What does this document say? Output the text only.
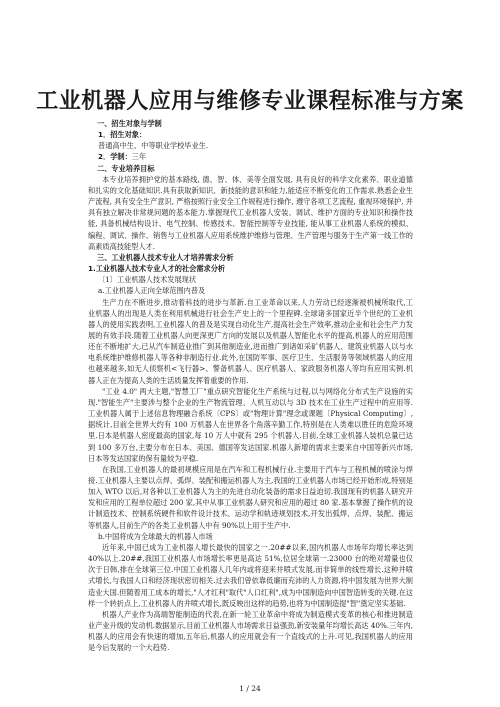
工业机器人应用与维修专业课程标准与方案

一、招生对象与学制

1．招生对象：

普通高中生、中等职业学校毕业生.

2．学制：三年

二、专业培养目标

本专业培养拥护党的基本路线, 德、智、体、美等全面发展, 具有良好的科学文化素养、职业道德和扎实的文化基础知识.具有获取新知识、新技能的意识和能力,能适应不断变化的工作需求.熟悉企业生产流程, 具有安全生产意识, 严格按照行业安全工作规程进行操作, 遵守各项工艺流程, 重视环境保护, 并具有独立解决非常规问题的基本能力.掌握现代工业机器人安装、调试、维护方面的专业知识和操作技能, 具备机械结构设计、电气控制、传感技术、智能控制等专业技能, 能从事工业机器人系统的模拟、编程、调试、操作、销售与工业机器人应用系统维护维修与管理、生产管理与服务于生产第一线工作的高素质高技能型人才.

三、工业机器人技术专业人才培养需求分析

1.工业机器人技术专业人才的社会需求分析

〔1〕工业机器人技术发展现状

a.工业机器人正向全球范围内普及

生产力在不断进步,推动着科技的进步与革新.自工业革命以来,人力劳动已经逐渐被机械所取代,工业机器人的出现是人类在利用机械进行社会生产史上的一个里程碑.全球诸多国家近半个世纪的工业机器人的使用实践表明,工业机器人的普及是实现自动化生产,提高社会生产效率,推动企业和社会生产力发展的有效手段.随着工业机器人向更深更广方向的发展以及机器人智能化水平的提高,机器人的应用范围还在不断地扩大,已从汽车制造业推广到其他制造业,进而推广到诸如采矿机器人、建筑业机器人以与水电系统维护维修机器人等各种非制造行业.此外,在国防军事、医疗卫生、生活服务等领域机器人的应用也越来越多,如无人侦察机<飞行器>、警备机器人、医疗机器人、家政服务机器人等均有应用实例.机器人正在为提高人类的生活质量发挥着重要的作用.

"工业 4.0" 两大主题,"智慧工厂"重点研究智能化生产系统与过程,以与网络化分布式生产设施的实现."智能生产"主要涉与整个企业的生产物流管理、人机互动以与 3D 技术在工业生产过程中的应用等.工业机器人属于上述信息物理融合系统〔CPS〕或"物理计算"理念或课题〔Physical Computing〕,据统计,目前全世界大约有 100 万机器人在世界各个角落辛勤工作,特别是在人类难以胜任的危险环境里.日本是机器人密度最高的国家,每 10 万人中就有 295 个机器人.目前,全球工业机器人装机总量已达到 100 多万台,主要分布在日本、美国、德国等发达国家.机器人新增的需求主要来自中国等新兴市场,日本等发达国家的保有量较为平稳.

在我国,工业机器人的最初规模应用是在汽车和工程机械行业.主要用于汽车与工程机械的喷涂与焊接.工业机器人主要以点焊、弧焊、装配和搬运机器人为主,我国的工业机器人市场已经开始形成,特别是加入 WTO 以后,对各种以工业机器人为主的先进自动化装备的需求日益迫切.我国现有的机器人研究开发和应用的工程单位超过 200 家,其中从事工业机器人研究和应用的超过 80 家.基本掌握了操作机的设计制造技术、控制系统硬件和软件设计技术、运动学和轨迹规划技术,开发出弧焊、点焊、装配、搬运等机器人,目前生产的各类工业机器人中有 90%以上用于生产中.

b.中国将成为全球最大的机器人市场

近年来,中国已成为工业机器人增长最快的国家之一.20##以来,国内机器人市场年均增长率达到 40%以上.20##,我国工业机器人市场增长率更是高达 51%,位居全球第一.23000 台的绝对增量也仅次于日韩,排在全球第三位.中国工业机器人几年内或将迎来井喷式发展,而非简单的线性增长.这种井喷式增长,与我国人口和经济现状密切相关.过去我们曾依靠低廉而充沛的人力资源,将中国发展为世界大制造业大国.但随着用工成本的增长,"人才红利"取代"人口红利",成为中国制造向中国智造转变的关键.在这样一个转折点上,工业机器人的井喷式增长,既反映出这样的趋势,也将为中国制造提"智"奠定坚实基础.

机器人产业作为高端智能制造的代表,在新一轮工业革命中将成为制造模式变革的核心和推进制造业产业升级的发动机.数据显示,目前工业机器人市场需求日益强劲,新安装量年均增长高达 40%.三年内,机器人的应用会有快速的增加,五年后,机器人的应用就会有一个直线式的上升.可见,我国机器人的应用是今后发展的一个大趋势.

1 / 24
